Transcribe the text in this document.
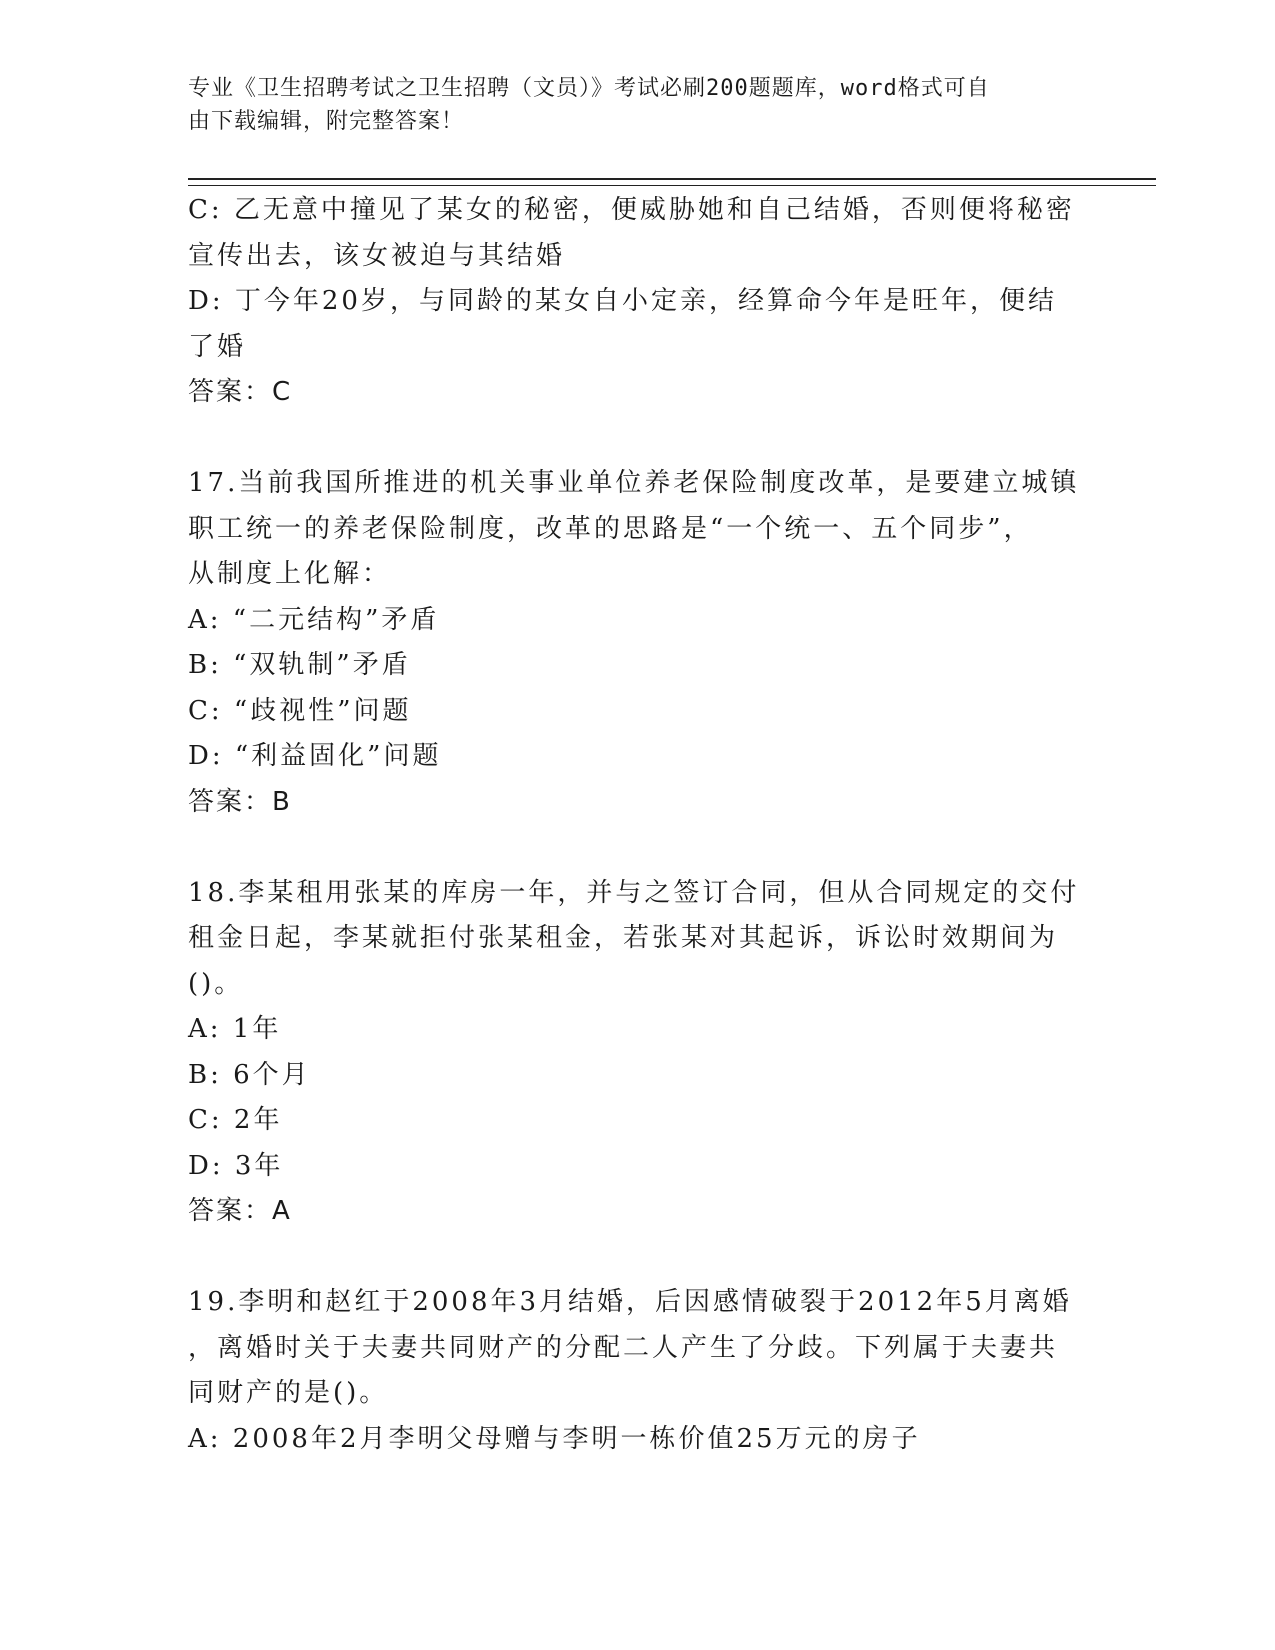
专业《卫生招聘考试之卫生招聘（文员）》考试必刷200题题库，word格式可自
由下载编辑，附完整答案！
C: 乙无意中撞见了某女的秘密，便威胁她和自己结婚，否则便将秘密
宣传出去，该女被迫与其结婚
D: 丁今年20岁，与同龄的某女自小定亲，经算命今年是旺年，便结
了婚
答案：C
17.当前我国所推进的机关事业单位养老保险制度改革，是要建立城镇
职工统一的养老保险制度，改革的思路是“一个统一、五个同步”，
从制度上化解：
A: “二元结构”矛盾
B: “双轨制”矛盾
C: “歧视性”问题
D: “利益固化”问题
答案：B
18.李某租用张某的库房一年，并与之签订合同，但从合同规定的交付
租金日起，李某就拒付张某租金，若张某对其起诉，诉讼时效期间为
()。
A: 1年
B: 6个月
C: 2年
D: 3年
答案：A
19.李明和赵红于2008年3月结婚，后因感情破裂于2012年5月离婚
，离婚时关于夫妻共同财产的分配二人产生了分歧。下列属于夫妻共
同财产的是()。
A: 2008年2月李明父母赠与李明一栋价值25万元的房子
